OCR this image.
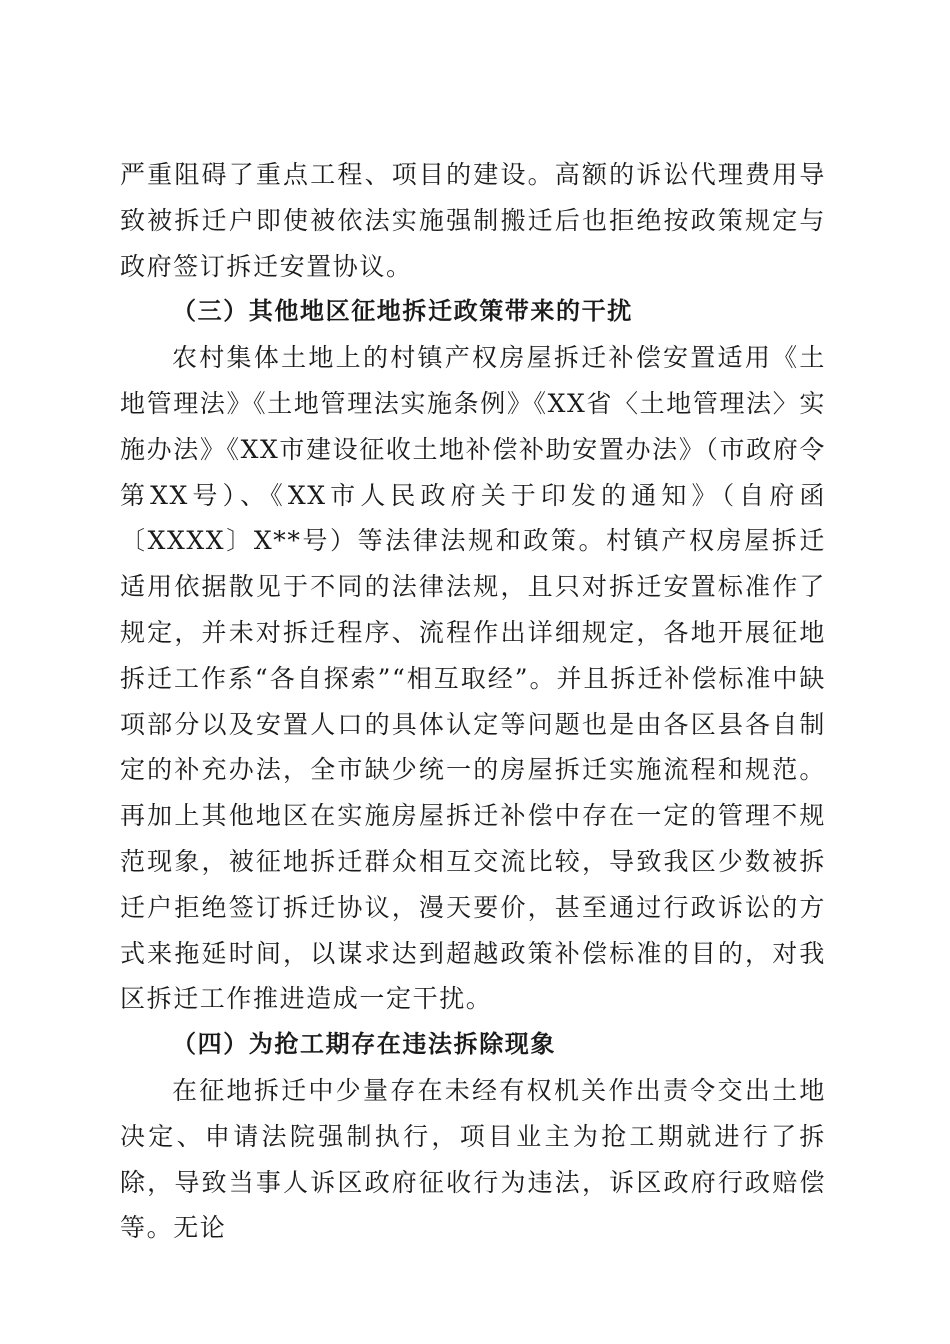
严重阻碍了重点工程、项目的建设。高额的诉讼代理费用导致被拆迁户即使被依法实施强制搬迁后也拒绝按政策规定与政府签订拆迁安置协议。

（三）其他地区征地拆迁政策带来的干扰

农村集体土地上的村镇产权房屋拆迁补偿安置适用《土地管理法》《土地管理法实施条例》《XX省〈土地管理法〉实施办法》《XX市建设征收土地补偿补助安置办法》（市政府令第XX号）、《XX市人民政府关于印发的通知》（自府函〔XXXX〕X**号）等法律法规和政策。村镇产权房屋拆迁适用依据散见于不同的法律法规，且只对拆迁安置标准作了规定，并未对拆迁程序、流程作出详细规定，各地开展征地拆迁工作系“各自探索”“相互取经”。并且拆迁补偿标准中缺项部分以及安置人口的具体认定等问题也是由各区县各自制定的补充办法，全市缺少统一的房屋拆迁实施流程和规范。再加上其他地区在实施房屋拆迁补偿中存在一定的管理不规范现象，被征地拆迁群众相互交流比较，导致我区少数被拆迁户拒绝签订拆迁协议，漫天要价，甚至通过行政诉讼的方式来拖延时间，以谋求达到超越政策补偿标准的目的，对我区拆迁工作推进造成一定干扰。

（四）为抢工期存在违法拆除现象

在征地拆迁中少量存在未经有权机关作出责令交出土地决定、申请法院强制执行，项目业主为抢工期就进行了拆除，导致当事人诉区政府征收行为违法，诉区政府行政赔偿等。无论
